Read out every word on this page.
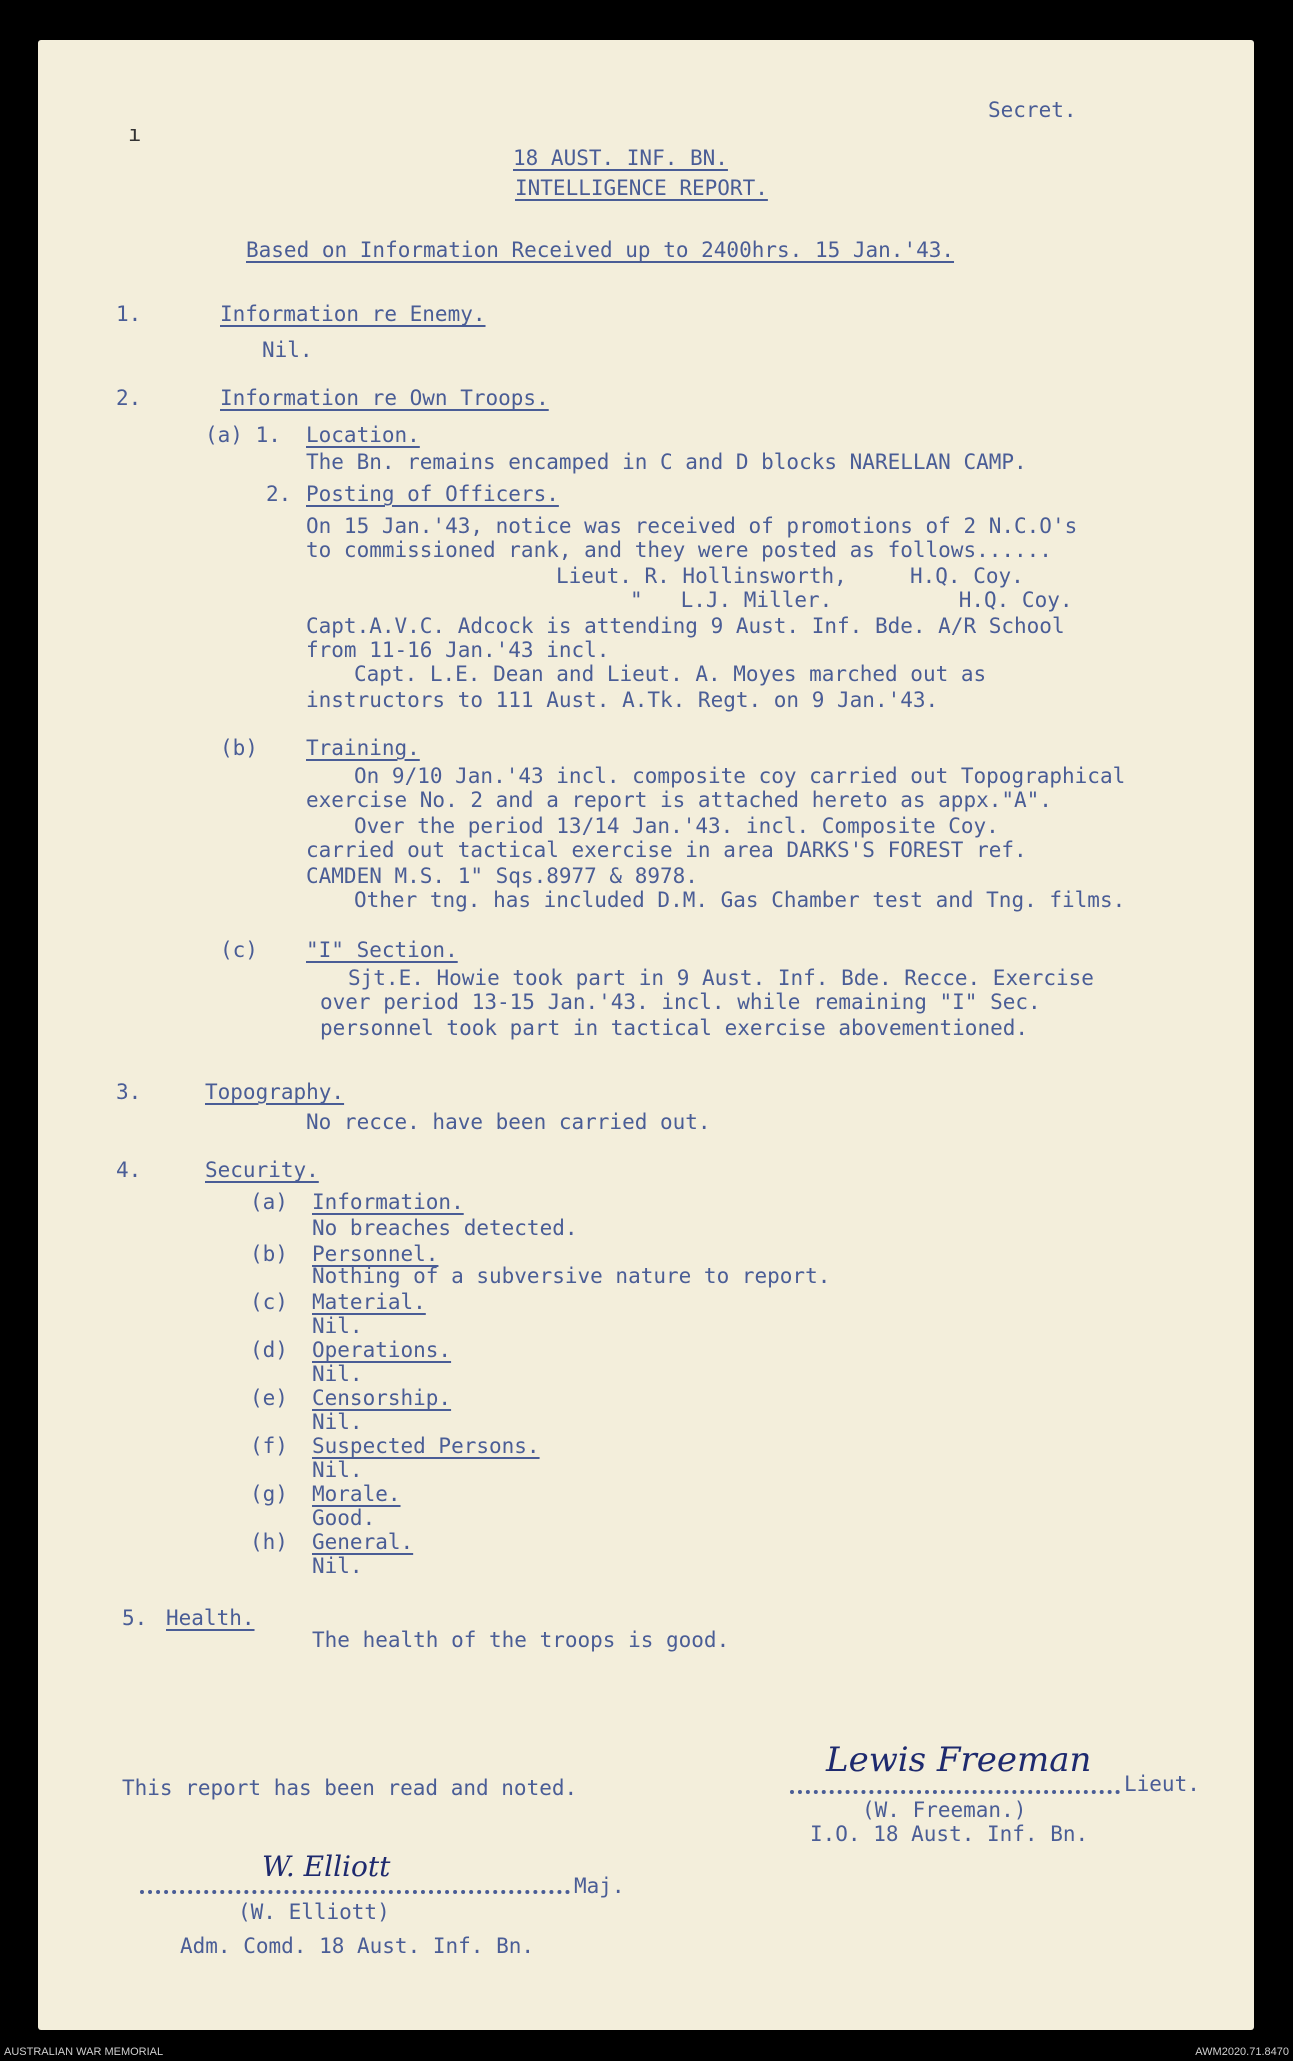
ı
Secret.
18 AUST. INF. BN.
INTELLIGENCE REPORT.
Based on Information Received up to 2400hrs. 15 Jan.'43.
1.	Information re Enemy.
Nil.
2.	Information re Own Troops.
(a) 1. Location.
The Bn. remains encamped in C and D blocks NARELLAN CAMP.
2. Posting of Officers.
On 15 Jan.'43, notice was received of promotions of 2 N.C.O's
to commissioned rank, and they were posted as follows......
Lieut. R. Hollinsworth,     H.Q. Coy.
"   L.J. Miller.          H.Q. Coy.
Capt.A.V.C. Adcock is attending 9 Aust. Inf. Bde. A/R School
from 11-16 Jan.'43 incl.
Capt. L.E. Dean and Lieut. A. Moyes marched out as
instructors to 111 Aust. A.Tk. Regt. on 9 Jan.'43.
(b) Training.
On 9/10 Jan.'43 incl. composite coy carried out Topographical
exercise No. 2 and a report is attached hereto as appx."A".
Over the period 13/14 Jan.'43. incl. Composite Coy.
carried out tactical exercise in area DARKS'S FOREST ref.
CAMDEN M.S. 1" Sqs.8977 & 8978.
Other tng. has included D.M. Gas Chamber test and Tng. films.
(c) "I" Section.
Sjt.E. Howie took part in 9 Aust. Inf. Bde. Recce. Exercise
over period 13-15 Jan.'43. incl. while remaining "I" Sec.
personnel took part in tactical exercise abovementioned.
3.	Topography.
No recce. have been carried out.
4.	Security.
(a) Information.
No breaches detected.
(b) Personnel.
Nothing of a subversive nature to report.
(c) Material.
Nil.
(d) Operations.
Nil.
(e) Censorship.
Nil.
(f) Suspected Persons.
Nil.
(g) Morale.
Good.
(h) General.
Nil.
5. Health.
The health of the troops is good.
This report has been read and noted.
Lewis Freeman
Lieut.
(W. Freeman.)
I.O. 18 Aust. Inf. Bn.
W. Elliott
Maj.
(W. Elliott)
Adm. Comd. 18 Aust. Inf. Bn.
AUSTRALIAN WAR MEMORIAL	AWM2020.71.8470
